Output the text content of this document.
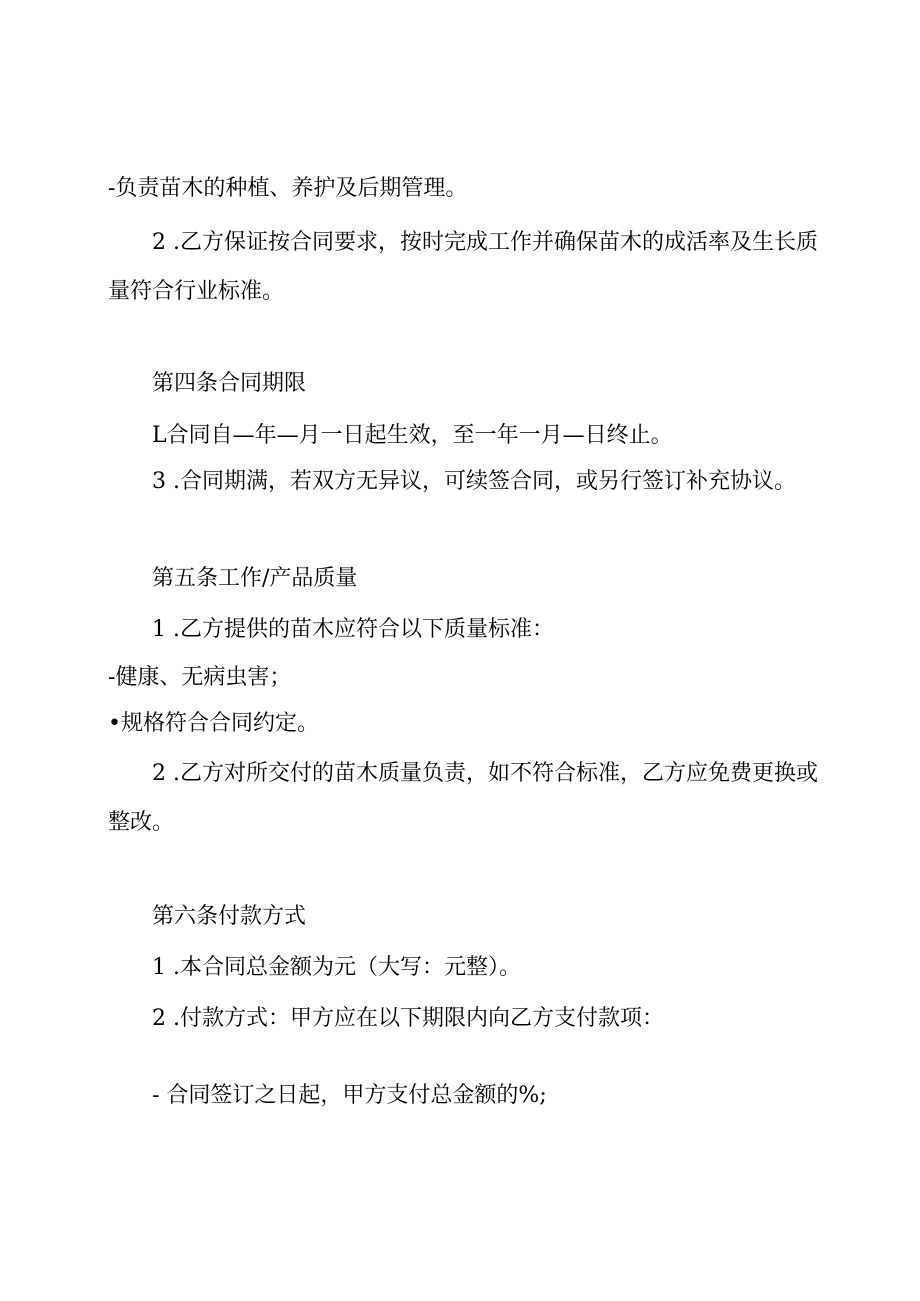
-负责苗木的种植、养护及后期管理。
2 .乙方保证按合同要求，按时完成工作并确保苗木的成活率及生长质
量符合行业标准。
第四条合同期限
L合同自—年—月一日起生效，至一年一月—日终止。
3 .合同期满，若双方无异议，可续签合同，或另行签订补充协议。
第五条工作/产品质量
1 .乙方提供的苗木应符合以下质量标准：
-健康、无病虫害；
•规格符合合同约定。
2 .乙方对所交付的苗木质量负责，如不符合标准，乙方应免费更换或
整改。
第六条付款方式
1 .本合同总金额为元（大写：元整）。
2 .付款方式：甲方应在以下期限内向乙方支付款项：
- 合同签订之日起，甲方支付总金额的%;
